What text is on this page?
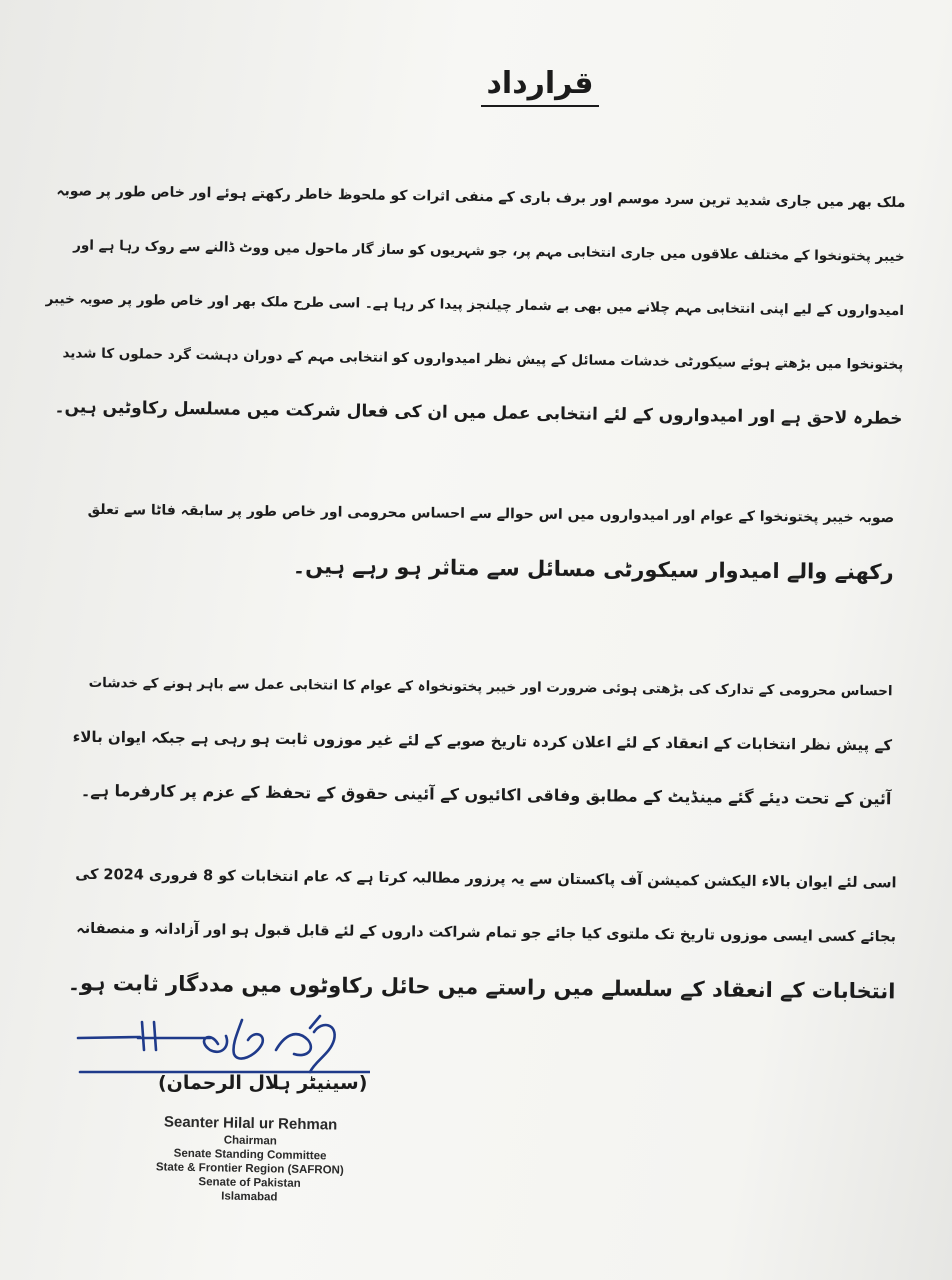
قرارداد
ملک بھر میں جاری شدید ترین سرد موسم اور برف باری کے منفی اثرات کو ملحوظ خاطر رکھتے ہوئے اور خاص طور پر صوبہ
خیبر پختونخوا کے مختلف علاقوں میں جاری انتخابی مہم پر، جو شہریوں کو ساز گار ماحول میں ووٹ ڈالنے سے روک رہا ہے اور
امیدواروں کے لیے اپنی انتخابی مہم چلانے میں بھی بے شمار چیلنجز پیدا کر رہا ہے۔ اسی طرح ملک بھر اور خاص طور پر صوبہ خیبر
پختونخوا میں بڑھتے ہوئے سیکورٹی خدشات مسائل کے پیش نظر امیدواروں کو انتخابی مہم کے دوران دہشت گرد حملوں کا شدید
خطرہ لاحق ہے اور امیدواروں کے لئے انتخابی عمل میں ان کی فعال شرکت میں مسلسل رکاوٹیں ہیں۔
صوبہ خیبر پختونخوا کے عوام اور امیدواروں میں اس حوالے سے احساس محرومی اور خاص طور پر سابقہ فاٹا سے تعلق
رکھنے والے امیدوار سیکورٹی مسائل سے متاثر ہو رہے ہیں۔
احساس محرومی کے تدارک کی بڑھتی ہوئی ضرورت اور خیبر پختونخواہ کے عوام کا انتخابی عمل سے باہر ہونے کے خدشات
کے پیش نظر انتخابات کے انعقاد کے لئے اعلان کردہ تاریخ صوبے کے لئے غیر موزوں ثابت ہو رہی ہے جبکہ ایوان بالاء
آئین کے تحت دیئے گئے مینڈیٹ کے مطابق وفاقی اکائیوں کے آئینی حقوق کے تحفظ کے عزم پر کارفرما ہے۔
اسی لئے ایوان بالاء الیکشن کمیشن آف پاکستان سے یہ پرزور مطالبہ کرتا ہے کہ عام انتخابات کو 8 فروری 2024 کی
بجائے کسی ایسی موزوں تاریخ تک ملتوی کیا جائے جو تمام شراکت داروں کے لئے قابل قبول ہو اور آزادانہ و منصفانہ
انتخابات کے انعقاد کے سلسلے میں راستے میں حائل رکاوٹوں میں مددگار ثابت ہو۔
(سینیٹر ہلال الرحمان)
Seanter Hilal ur Rehman
Chairman
Senate Standing Committee
State & Frontier Region (SAFRON)
Senate of Pakistan
Islamabad
